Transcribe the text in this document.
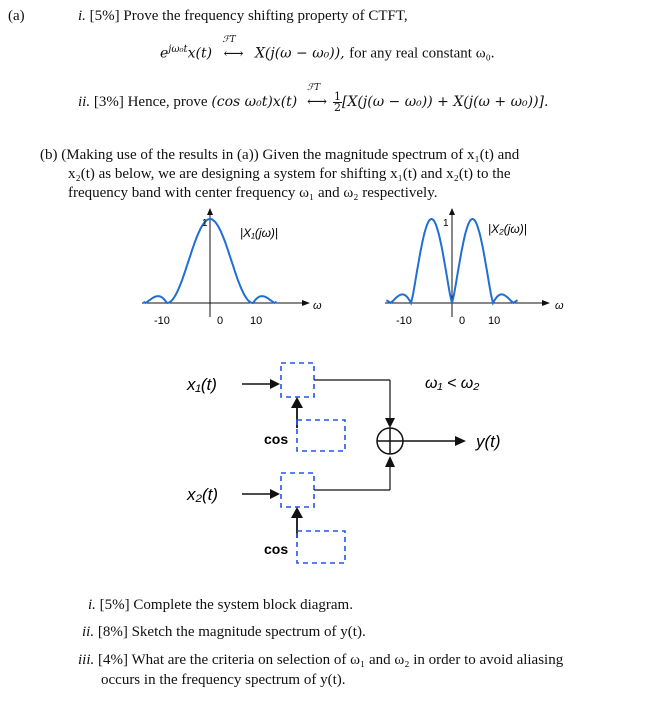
(a)	i. [5%] Prove the frequency shifting property of CTFT,
$e^{j\omega_0t}x(t)$
ℱT
⟷ X(j(ω − ω₀)), for any real constant ω₀.
ii. [3%] Hence, prove (cos ω₀t)x(t)
ℱT
⟷ $\frac{1}{2} [X(j(\omega - \omega_0)) + X(j(\omega + \omega_0))]$.
(b) (Making use of the results in (a)) Given the magnitude spectrum of x₁(t) and
x₂(t) as below, we are designing a system for shifting x₁(t) and x₂(t) to the
frequency band with center frequency ω₁ and ω₂ respectively.
1
|X₁(jω)|
-10	0 10
ω
1	|X₂(jω)|
-10	0 10
ω
x₁(t)
cos	y(t)
ω₁ < ω₂
x₂(t)
cos
i. [5%] Complete the system block diagram.
ii. [8%] Sketch the magnitude spectrum of y(t).
iii. [4%] What are the criteria on selection of ω₁ and ω₂ in order to avoid aliasing
occurs in the frequency spectrum of y(t).
